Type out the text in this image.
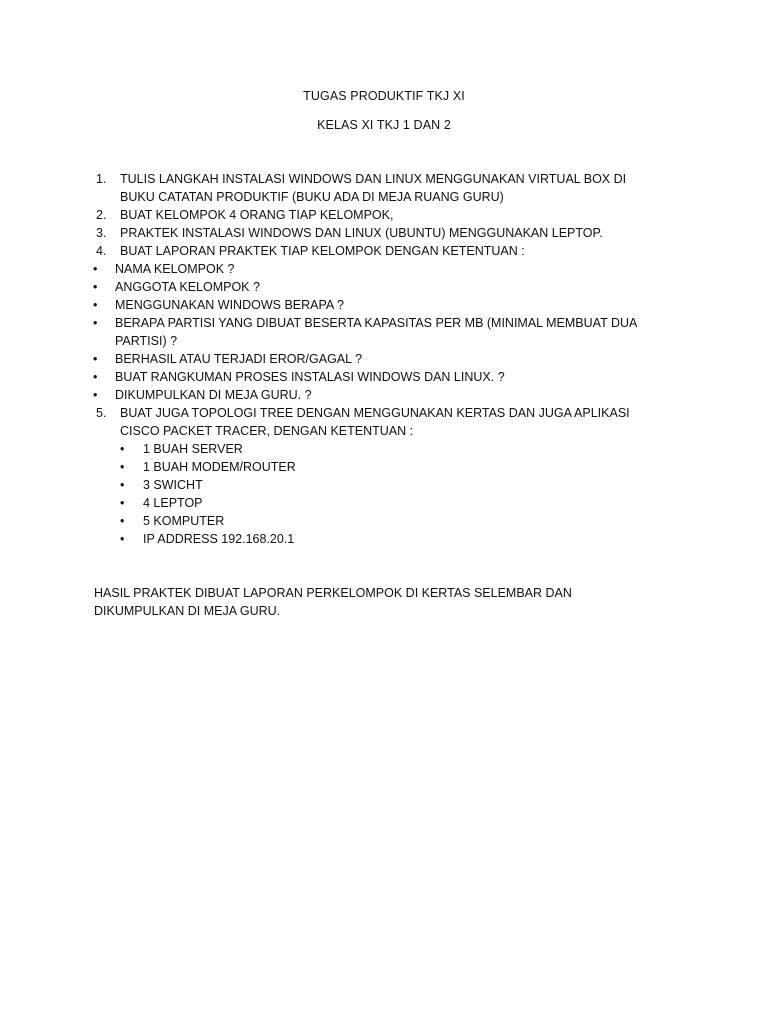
TUGAS PRODUKTIF TKJ XI
KELAS XI TKJ 1 DAN 2
1.	TULIS LANGKAH INSTALASI WINDOWS DAN LINUX MENGGUNAKAN VIRTUAL BOX DI BUKU CATATAN PRODUKTIF (BUKU ADA DI MEJA RUANG GURU)
2.	BUAT KELOMPOK 4 ORANG TIAP KELOMPOK,
3.	PRAKTEK INSTALASI WINDOWS DAN LINUX (UBUNTU) MENGGUNAKAN LEPTOP.
4.	BUAT LAPORAN PRAKTEK TIAP KELOMPOK DENGAN KETENTUAN :
• NAMA KELOMPOK ?
• ANGGOTA KELOMPOK ?
• MENGGUNAKAN WINDOWS BERAPA ?
• BERAPA PARTISI YANG DIBUAT BESERTA KAPASITAS PER MB (MINIMAL MEMBUAT DUA PARTISI) ?
• BERHASIL ATAU TERJADI EROR/GAGAL ?
• BUAT RANGKUMAN PROSES INSTALASI WINDOWS DAN LINUX. ?
• DIKUMPULKAN DI MEJA GURU. ?
5.	BUAT JUGA TOPOLOGI TREE DENGAN MENGGUNAKAN KERTAS DAN JUGA APLIKASI CISCO PACKET TRACER, DENGAN KETENTUAN :
• 1 BUAH SERVER
• 1 BUAH MODEM/ROUTER
• 3 SWICHT
• 4 LEPTOP
• 5 KOMPUTER
• IP ADDRESS 192.168.20.1

HASIL PRAKTEK DIBUAT LAPORAN PERKELOMPOK DI KERTAS SELEMBAR DAN DIKUMPULKAN DI MEJA GURU.
